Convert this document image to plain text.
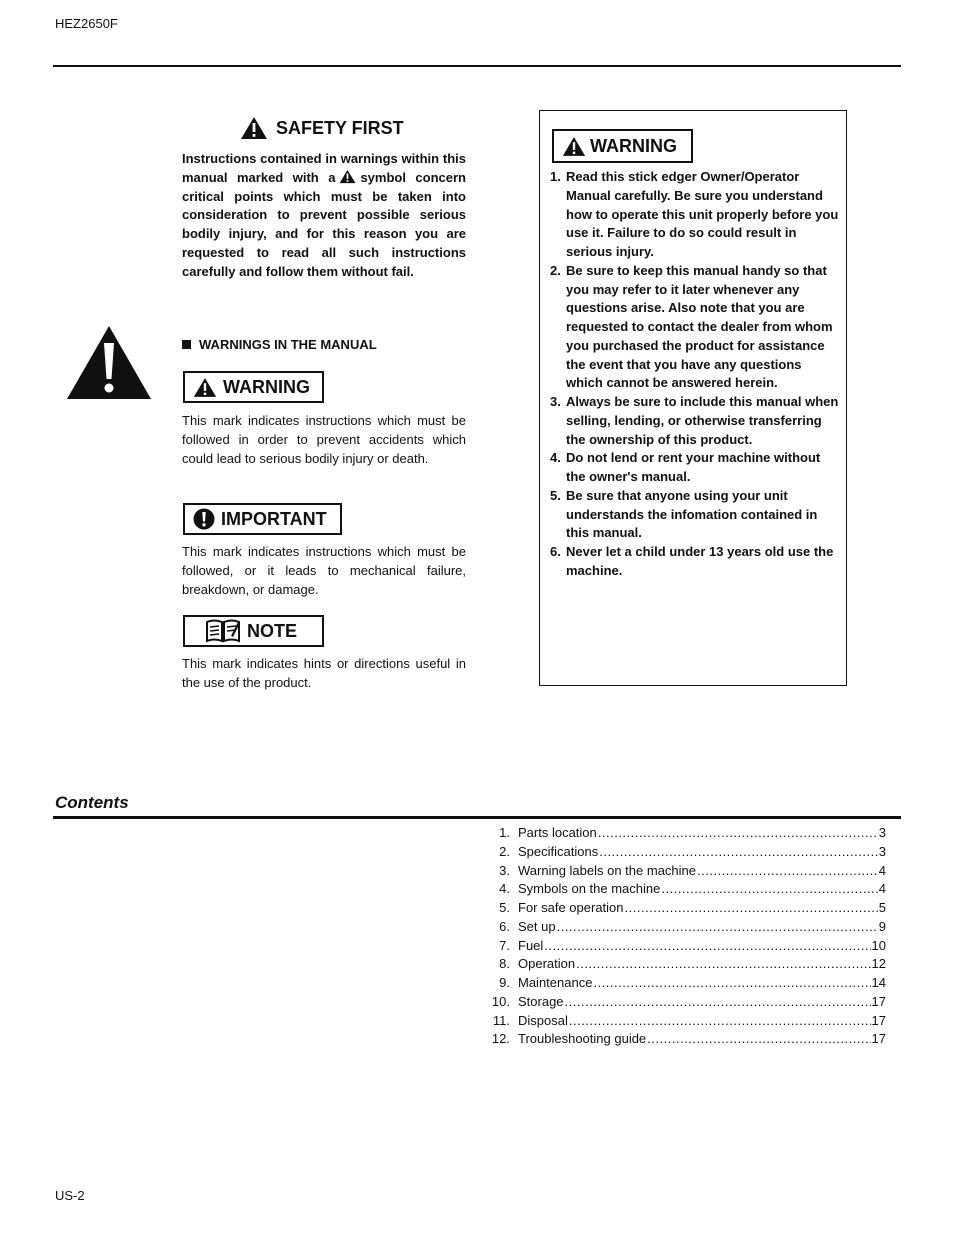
HEZ2650F
SAFETY FIRST
Instructions contained in warnings within this manual marked with a symbol concern critical points which must be taken into consideration to prevent possible serious bodily injury, and for this reason you are requested to read all such instructions carefully and follow them without fail.
WARNINGS IN THE MANUAL
WARNING
This mark indicates instructions which must be followed in order to prevent accidents which could lead to serious bodily injury or death.
IMPORTANT
This mark indicates instructions which must be followed, or it leads to mechanical failure, breakdown, or damage.
NOTE
This mark indicates hints or directions useful in the use of the product.
WARNING
1. Read this stick edger Owner/Operator Manual carefully. Be sure you understand how to operate this unit properly before you use it. Failure to do so could result in serious injury.
2. Be sure to keep this manual handy so that you may refer to it later whenever any questions arise. Also note that you are requested to contact the dealer from whom you purchased the product for assistance the event that you have any questions which cannot be answered herein.
3. Always be sure to include this manual when selling, lending, or otherwise transferring the ownership of this product.
4. Do not lend or rent your machine without the owner's manual.
5. Be sure that anyone using your unit understands the infomation contained in this manual.
6. Never let a child under 13 years old use the machine.
Contents
1. Parts location .....	3
2. Specifications .....	3
3. Warning labels on the machine .....	4
4. Symbols on the machine .....	4
5. For safe operation .....	5
6. Set up .....	9
7. Fuel .....	10
8. Operation .....	12
9. Maintenance .....	14
10. Storage .....	17
11. Disposal .....	17
12. Troubleshooting guide .....	17
US-2
